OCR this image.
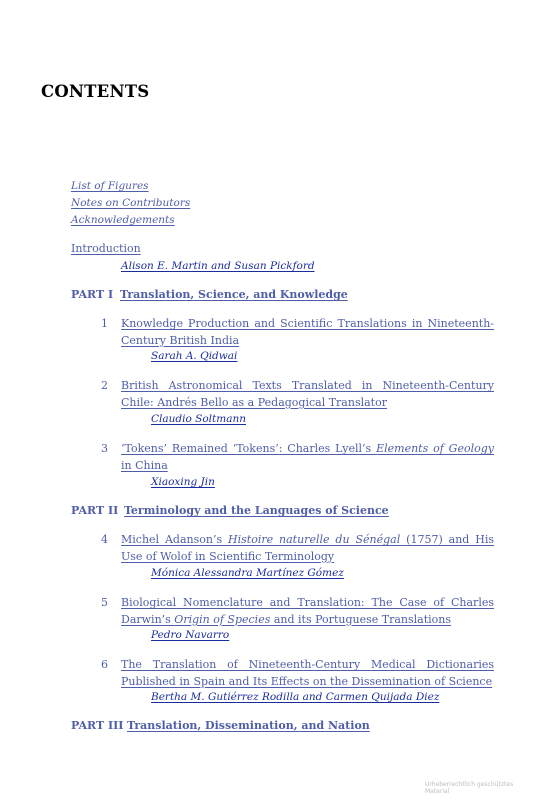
CONTENTS
List of Figures
Notes on Contributors
Acknowledgements
Introduction
Alison E. Martin and Susan Pickford
PART I Translation, Science, and Knowledge
1 Knowledge Production and Scientific Translations in Nineteenth-Century British India
Sarah A. Qidwai
2 British Astronomical Texts Translated in Nineteenth-Century Chile: Andrés Bello as a Pedagogical Translator
Claudio Soltmann
3 ‘Tokens’ Remained ‘Tokens’: Charles Lyell’s Elements of Geology in China
Xiaoxing Jin
PART II Terminology and the Languages of Science
4 Michel Adanson’s Histoire naturelle du Sénégal (1757) and His Use of Wolof in Scientific Terminology
Mónica Alessandra Martínez Gómez
5 Biological Nomenclature and Translation: The Case of Charles Darwin’s Origin of Species and its Portuguese Translations
Pedro Navarro
6 The Translation of Nineteenth-Century Medical Dictionaries Published in Spain and Its Effects on the Dissemination of Science
Bertha M. Gutiérrez Rodilla and Carmen Quijada Diez
PART III Translation, Dissemination, and Nation
Urheberrechtlich geschütztes Material
